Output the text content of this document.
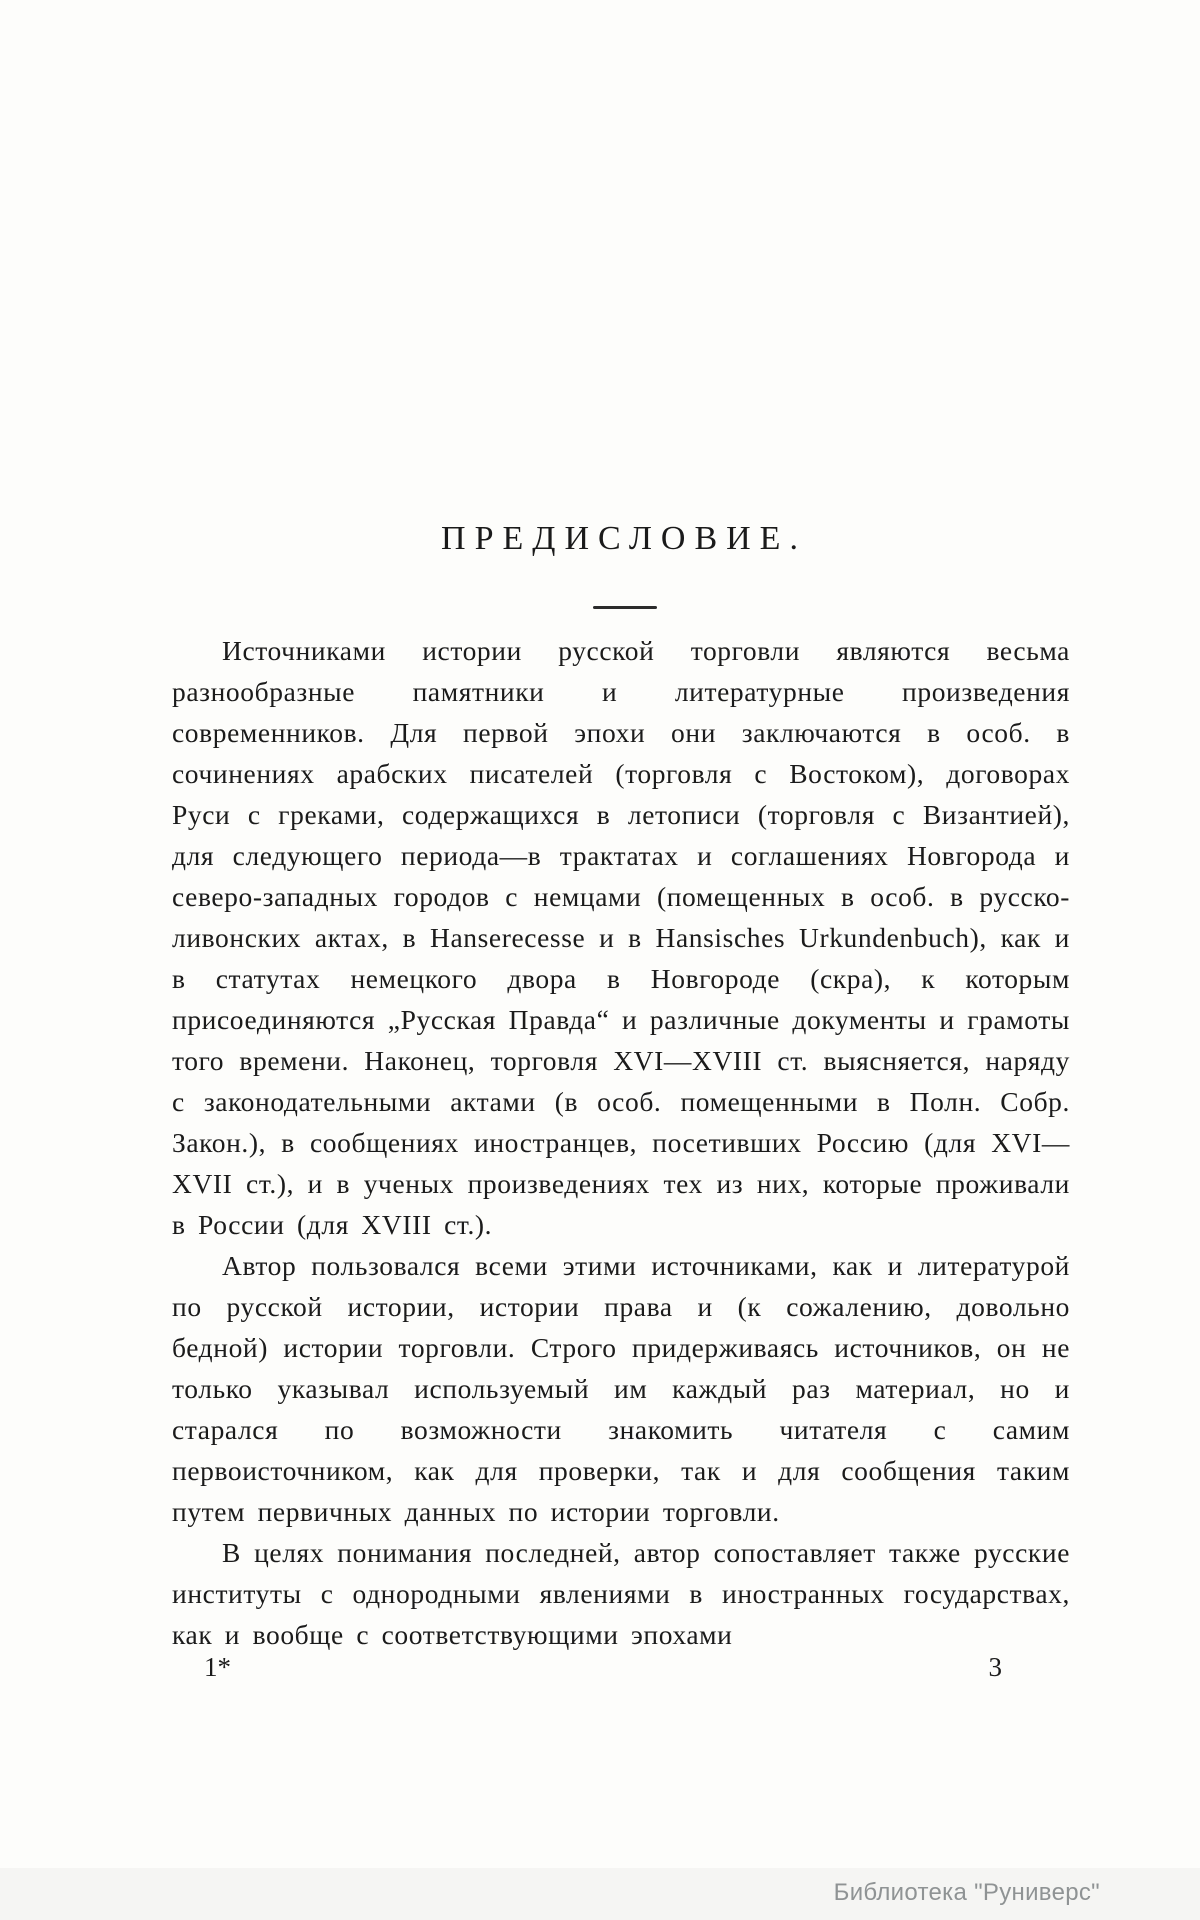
ПРЕДИСЛОВИЕ.

Источниками истории русской торговли являются весьма разнообразные памятники и литературные произведения современников. Для первой эпохи они заключаются в особ. в сочинениях арабских писателей (торговля с Востоком), договорах Руси с греками, содержащихся в летописи (торговля с Византией), для следующего периода—в трактатах и соглашениях Новгорода и северо-западных городов с немцами (помещенных в особ. в русско-ливонских актах, в Hanserecesse и в Hansisches Urkundenbuch), как и в статутах немецкого двора в Новгороде (скра), к которым присоединяются „Русская Правда“ и различные документы и грамоты того времени. Наконец, торговля XVI—XVIII ст. выясняется, наряду с законодательными актами (в особ. помещенными в Полн. Собр. Закон.), в сообщениях иностранцев, посетивших Россию (для XVI—XVII ст.), и в ученых произведениях тех из них, которые проживали в России (для XVIII ст.).

Автор пользовался всеми этими источниками, как и литературой по русской истории, истории права и (к сожалению, довольно бедной) истории торговли. Строго придерживаясь источников, он не только указывал используемый им каждый раз материал, но и старался по возможности знакомить читателя с самим первоисточником, как для проверки, так и для сообщения таким путем первичных данных по истории торговли.

В целях понимания последней, автор сопоставляет также русские институты с однородными явлениями в иностранных государствах, как и вообще с соответствующими эпохами

1*	3
Библиотека "Руниверс"
